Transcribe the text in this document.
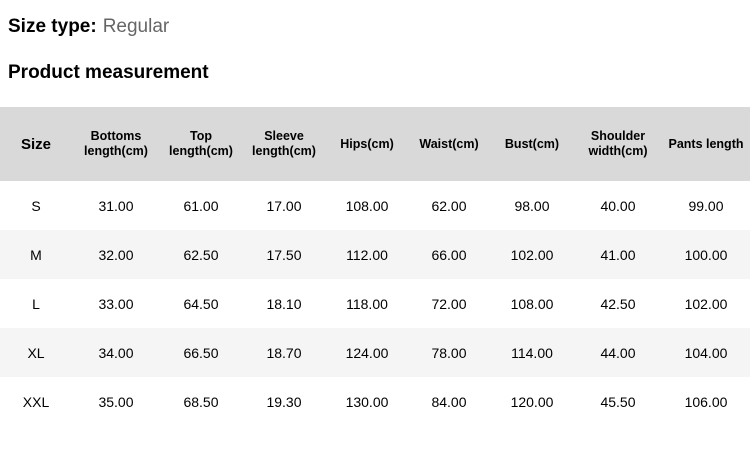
Size type: Regular
Product measurement
Size	Bottoms length(cm)	Top length(cm)	Sleeve length(cm)	Hips(cm)	Waist(cm)	Bust(cm)	Shoulder width(cm)	Pants length
S	31.00	61.00	17.00	108.00	62.00	98.00	40.00	99.00
M	32.00	62.50	17.50	112.00	66.00	102.00	41.00	100.00
L	33.00	64.50	18.10	118.00	72.00	108.00	42.50	102.00
XL	34.00	66.50	18.70	124.00	78.00	114.00	44.00	104.00
XXL	35.00	68.50	19.30	130.00	84.00	120.00	45.50	106.00
